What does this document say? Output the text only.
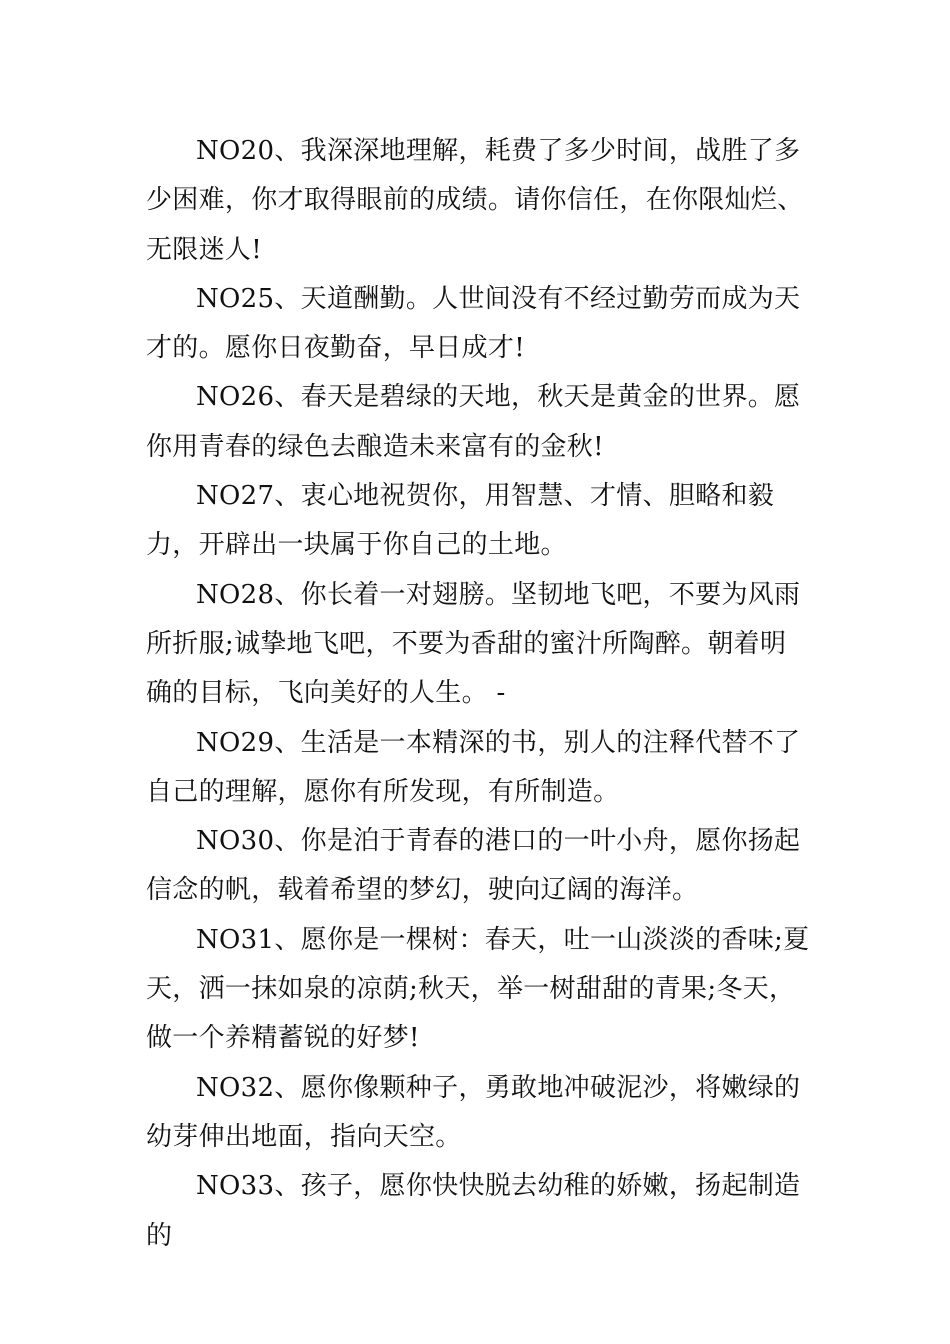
NO20、我深深地理解，耗费了多少时间，战胜了多少困难，你才取得眼前的成绩。请你信任，在你限灿烂、无限迷人!

NO25、天道酬勤。人世间没有不经过勤劳而成为天才的。愿你日夜勤奋，早日成才!

NO26、春天是碧绿的天地，秋天是黄金的世界。愿你用青春的绿色去酿造未来富有的金秋!

NO27、衷心地祝贺你，用智慧、才情、胆略和毅力，开辟出一块属于你自己的土地。

NO28、你长着一对翅膀。坚韧地飞吧，不要为风雨所折服;诚挚地飞吧，不要为香甜的蜜汁所陶醉。朝着明确的目标，飞向美好的人生。 -

NO29、生活是一本精深的书，别人的注释代替不了自己的理解，愿你有所发现，有所制造。

NO30、你是泊于青春的港口的一叶小舟，愿你扬起信念的帆，载着希望的梦幻，驶向辽阔的海洋。

NO31、愿你是一棵树：春天，吐一山淡淡的香味;夏天，洒一抹如泉的凉荫;秋天，举一树甜甜的青果;冬天，做一个养精蓄锐的好梦!

NO32、愿你像颗种子，勇敢地冲破泥沙，将嫩绿的幼芽伸出地面，指向天空。

NO33、孩子，愿你快快脱去幼稚的娇嫩，扬起制造的
